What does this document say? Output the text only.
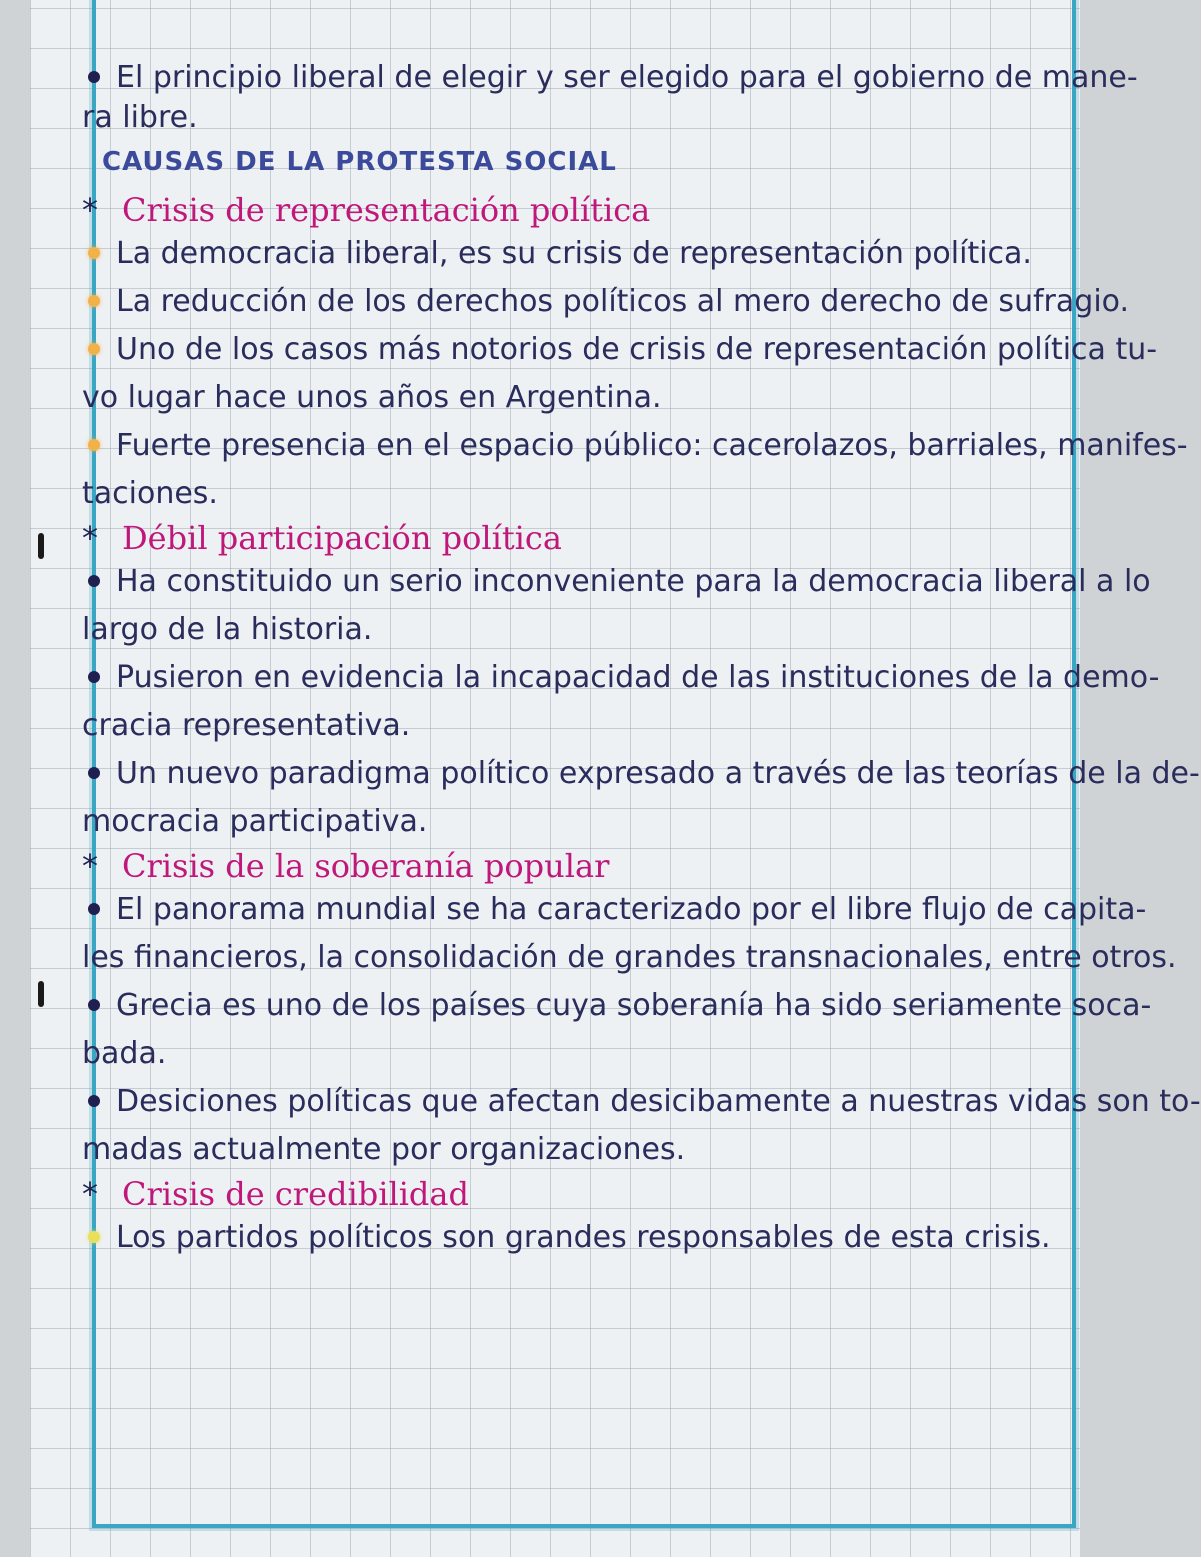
El principio liberal de elegir y ser elegido para el gobierno de mane-
ra libre.
CAUSAS DE LA PROTESTA SOCIAL
* Crisis de representación política
La democracia liberal, es su crisis de representación política.
La reducción de los derechos políticos al mero derecho de sufragio.
Uno de los casos más notorios de crisis de representación política tu-
vo lugar hace unos años en Argentina.
Fuerte presencia en el espacio público: cacerolazos, barriales, manifes-
taciones.
* Débil participación política
Ha constituido un serio inconveniente para la democracia liberal a lo
largo de la historia.
Pusieron en evidencia la incapacidad de las instituciones de la demo-
cracia representativa.
Un nuevo paradigma político expresado a través de las teorías de la de-
mocracia participativa.
* Crisis de la soberanía popular
El panorama mundial se ha caracterizado por el libre flujo de capita-
les financieros, la consolidación de grandes transnacionales, entre otros.
Grecia es uno de los países cuya soberanía ha sido seriamente soca-
bada.
Desiciones políticas que afectan desicibamente a nuestras vidas son to-
madas actualmente por organizaciones.
* Crisis de credibilidad
Los partidos políticos son grandes responsables de esta crisis.
